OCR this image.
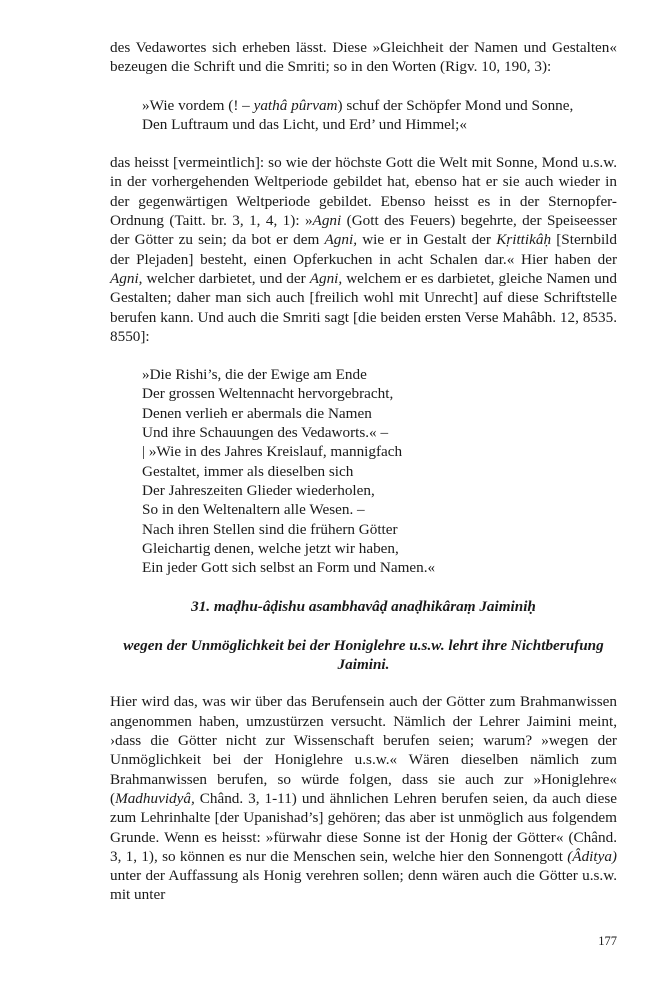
des Vedawortes sich erheben lässt. Diese »Gleichheit der Namen und Gestalten« bezeugen die Schrift und die Smriti; so in den Worten (Rigv. 10, 190, 3):

»Wie vordem (! – yathâ pûrvam) schuf der Schöpfer Mond und Sonne,
Den Luftraum und das Licht, und Erd’ und Himmel;«

das heisst [vermeintlich]: so wie der höchste Gott die Welt mit Sonne, Mond u.s.w. in der vorhergehenden Weltperiode gebildet hat, ebenso hat er sie auch wieder in der gegenwärtigen Weltperiode gebildet. Ebenso heisst es in der Sternopfer-Ordnung (Taitt. br. 3, 1, 4, 1): »Agni (Gott des Feuers) begehrte, der Speiseesser der Götter zu sein; da bot er dem Agni, wie er in Gestalt der Kṛittikâḥ [Sternbild der Plejaden] besteht, einen Opferkuchen in acht Schalen dar.« Hier haben der Agni, welcher darbietet, und der Agni, welchem er es darbietet, gleiche Namen und Gestalten; daher man sich auch [freilich wohl mit Unrecht] auf diese Schriftstelle berufen kann. Und auch die Smriti sagt [die beiden ersten Verse Mahâbh. 12, 8535. 8550]:

»Die Rishi’s, die der Ewige am Ende
Der grossen Weltennacht hervorgebracht,
Denen verlieh er abermals die Namen
Und ihre Schauungen des Vedaworts.« –
| »Wie in des Jahres Kreislauf, mannigfach
Gestaltet, immer als dieselben sich
Der Jahreszeiten Glieder wiederholen,
So in den Weltenaltern alle Wesen. –
Nach ihren Stellen sind die frühern Götter
Gleichartig denen, welche jetzt wir haben,
Ein jeder Gott sich selbst an Form und Namen.«

31. maḍhu-âḍishu asambhavâḍ anaḍhikâraṃ Jaiminiḥ

wegen der Unmöglichkeit bei der Honiglehre u.s.w. lehrt ihre Nichtberufung Jaimini.

Hier wird das, was wir über das Berufensein auch der Götter zum Brahmanwissen angenommen haben, umzustürzen versucht. Nämlich der Lehrer Jaimini meint, ›dass die Götter nicht zur Wissenschaft berufen seien; warum? »wegen der Unmöglichkeit bei der Honiglehre u.s.w.« Wären dieselben nämlich zum Brahmanwissen berufen, so würde folgen, dass sie auch zur »Honiglehre« (Madhuvidyâ, Chând. 3, 1-11) und ähnlichen Lehren berufen seien, da auch diese zum Lehrinhalte [der Upanishad’s] gehören; das aber ist unmöglich aus folgendem Grunde. Wenn es heisst: »fürwahr diese Sonne ist der Honig der Götter« (Chând. 3, 1, 1), so können es nur die Menschen sein, welche hier den Sonnengott (Âditya) unter der Auffassung als Honig verehren sollen; denn wären auch die Götter u.s.w. mit unter

177
